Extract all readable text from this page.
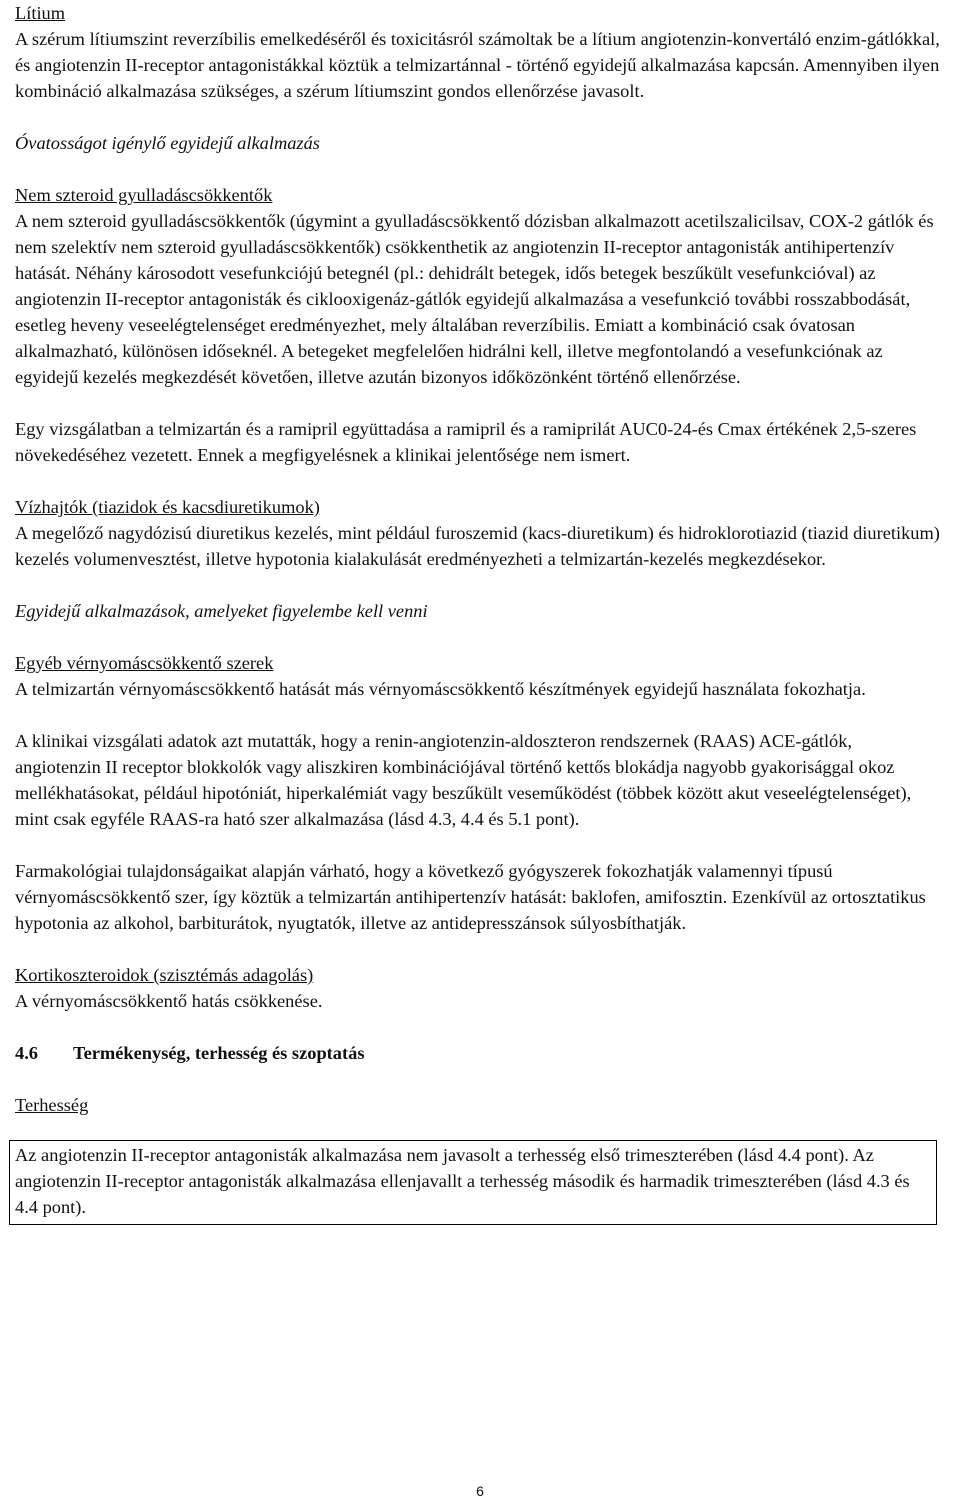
Lítium

A szérum lítiumszint reverzíbilis emelkedéséről és toxicitásról számoltak be a lítium angiotenzin-konvertáló enzim-gátlókkal, és angiotenzin II-receptor antagonistákkal köztük a telmizartánnal - történő egyidejű alkalmazása kapcsán. Amennyiben ilyen kombináció alkalmazása szükséges, a szérum lítiumszint gondos ellenőrzése javasolt.

Óvatosságot igénylő egyidejű alkalmazás

Nem szteroid gyulladáscsökkentők

A nem szteroid gyulladáscsökkentők (úgymint a gyulladáscsökkentő dózisban alkalmazott acetilszalicilsav, COX-2 gátlók és nem szelektív nem szteroid gyulladáscsökkentők) csökkenthetik az angiotenzin II-receptor antagonisták antihipertenzív hatását. Néhány károsodott vesefunkciójú betegnél (pl.: dehidrált betegek, idős betegek beszűkült vesefunkcióval) az angiotenzin II-receptor antagonisták és ciklooxigenáz-gátlók egyidejű alkalmazása a vesefunkció további rosszabbodását, esetleg heveny veseelégtelenséget eredményezhet, mely általában reverzíbilis. Emiatt a kombináció csak óvatosan alkalmazható, különösen időseknél. A betegeket megfelelően hidrálni kell, illetve megfontolandó a vesefunkciónak az egyidejű kezelés megkezdését követően, illetve azután bizonyos időközönként történő ellenőrzése.

Egy vizsgálatban a telmizartán és a ramipril együttadása a ramipril és a ramiprilát AUC0-24-és Cmax értékének 2,5-szeres növekedéséhez vezetett. Ennek a megfigyelésnek a klinikai jelentősége nem ismert.

Vízhajtók (tiazidok és kacsdiuretikumok)

A megelőző nagydózisú diuretikus kezelés, mint például furoszemid (kacs-diuretikum) és hidroklorotiazid (tiazid diuretikum) kezelés volumenvesztést, illetve hypotonia kialakulását eredményezheti a telmizartán-kezelés megkezdésekor.

Egyidejű alkalmazások, amelyeket figyelembe kell venni

Egyéb vérnyomáscsökkentő szerek

A telmizartán vérnyomáscsökkentő hatását más vérnyomáscsökkentő készítmények egyidejű használata fokozhatja.

A klinikai vizsgálati adatok azt mutatták, hogy a renin-angiotenzin-aldoszteron rendszernek (RAAS) ACE-gátlók, angiotenzin II receptor blokkolók vagy aliszkiren kombinációjával történő kettős blokádja nagyobb gyakorisággal okoz mellékhatásokat, például hipotóniát, hiperkalémiát vagy beszűkült veseműködést (többek között akut veseelégtelenséget), mint csak egyféle RAAS-ra ható szer alkalmazása (lásd 4.3, 4.4 és 5.1 pont).

Farmakológiai tulajdonságaikat alapján várható, hogy a következő gyógyszerek fokozhatják valamennyi típusú vérnyomáscsökkentő szer, így köztük a telmizartán antihipertenzív hatását: baklofen, amifosztin. Ezenkívül az ortosztatikus hypotonia az alkohol, barbiturátok, nyugtatók, illetve az antidepresszánsok súlyosbíthatják.

Kortikoszteroidok (szisztémás adagolás)

A vérnyomáscsökkentő hatás csökkenése.

4.6 Termékenység, terhesség és szoptatás

Terhesség

Az angiotenzin II-receptor antagonisták alkalmazása nem javasolt a terhesség első trimeszterében (lásd 4.4 pont). Az angiotenzin II-receptor antagonisták alkalmazása ellenjavallt a terhesség második és harmadik trimeszterében (lásd 4.3 és 4.4 pont).

6
